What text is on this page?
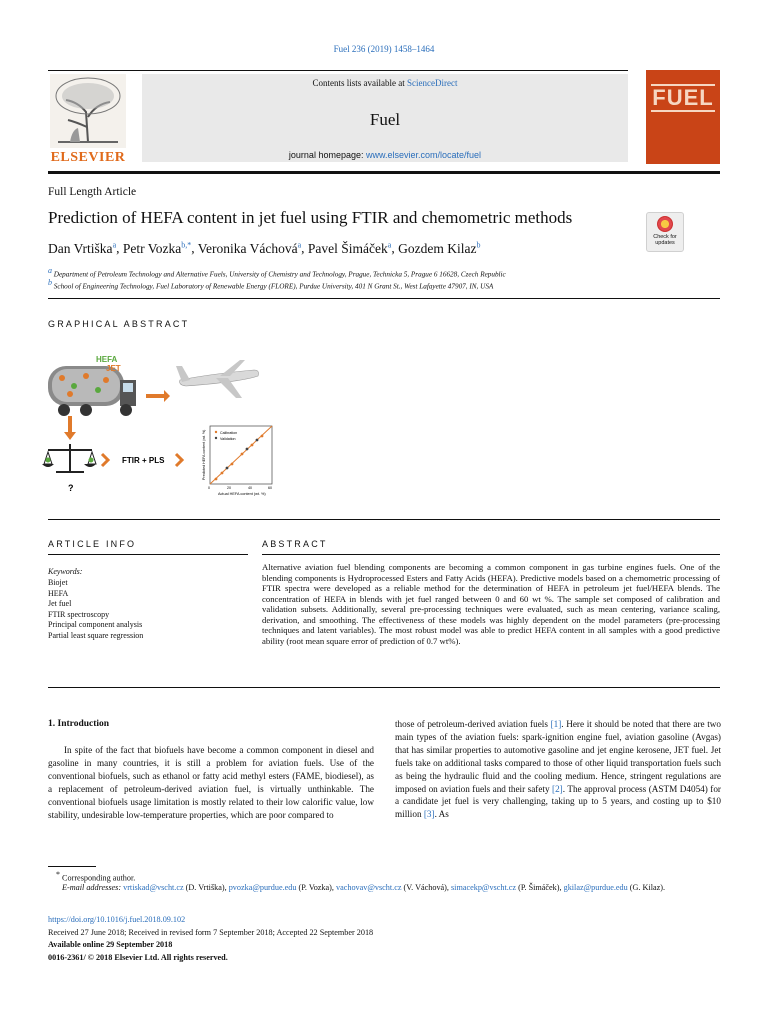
Fuel 236 (2019) 1458–1464
ELSEVIER
Contents lists available at ScienceDirect
Fuel
journal homepage: www.elsevier.com/locate/fuel
FUEL
Full Length Article
Prediction of HEFA content in jet fuel using FTIR and chemometric methods
Check for updates
Dan Vrtiška$^a$, Petr Vozka$^{b,*}$, Veronika Váchová$^a$, Pavel Šimáček$^a$, Gozdem Kilaz$^b$
$^a$ Department of Petroleum Technology and Alternative Fuels, University of Chemistry and Technology, Prague, Technicka 5, Prague 6 16628, Czech Republic
$^b$ School of Engineering Technology, Fuel Laboratory of Renewable Energy (FLORE), Purdue University, 401 N Grant St., West Lafayette 47907, IN, USA
GRAPHICAL ABSTRACT
HEFA
JET
?
FTIR + PLS
Calibration
Validation
0	20	40	60
Actual HEFA content (wt. %)
Predicted HEFA content (wt. %)
ARTICLE INFO	ABSTRACT
Keywords:
Biojet
HEFA
Jet fuel
FTIR spectroscopy
Principal component analysis
Partial least square regression
Alternative aviation fuel blending components are becoming a common component in gas turbine engines fuels. One of the blending components is Hydroprocessed Esters and Fatty Acids (HEFA). Predictive models based on a chemometric processing of FTIR spectra were developed as a reliable method for the determination of HEFA in petroleum jet fuel/HEFA blends. The concentration of HEFA in blends with jet fuel ranged between 0 and 60 wt %. The sample set composed of calibration and validation subsets. Additionally, several pre-processing techniques were evaluated, such as mean centering, variance scaling, derivation, and smoothing. The effectiveness of these models was highly dependent on the model parameters (pre-processing techniques and latent variables). The most robust model was able to predict HEFA content in all samples with a good predictive ability (root mean square error of prediction of 0.7 wt%).
1. Introduction
In spite of the fact that biofuels have become a common component in diesel and gasoline in many countries, it is still a problem for aviation fuels. Use of the conventional biofuels, such as ethanol or fatty acid methyl esters (FAME, biodiesel), as a replacement of petroleum-derived aviation fuel, is virtually unthinkable. The conventional biofuels usage limitation is mostly related to their low calorific value, low stability, undesirable low-temperature properties, which are poor compared to
those of petroleum-derived aviation fuels [1]. Here it should be noted that there are two main types of the aviation fuels: spark-ignition engine fuel, aviation gasoline (Avgas) that has similar properties to automotive gasoline and jet engine kerosene, JET fuel. Jet fuels take on additional tasks compared to those of other liquid transportation fuels such as being the hydraulic fluid and the cooling medium. Hence, stringent regulations are imposed on aviation fuels and their safety [2]. The approval process (ASTM D4054) for a candidate jet fuel is very challenging, taking up to 5 years, and costing up to $10 million [3]. As
* Corresponding author.
E-mail addresses: vrtiskad@vscht.cz (D. Vrtiška), pvozka@purdue.edu (P. Vozka), vachovav@vscht.cz (V. Váchová), simacekp@vscht.cz (P. Šimáček), gkilaz@purdue.edu (G. Kilaz).
https://doi.org/10.1016/j.fuel.2018.09.102
Received 27 June 2018; Received in revised form 7 September 2018; Accepted 22 September 2018
Available online 29 September 2018
0016-2361/ © 2018 Elsevier Ltd. All rights reserved.
